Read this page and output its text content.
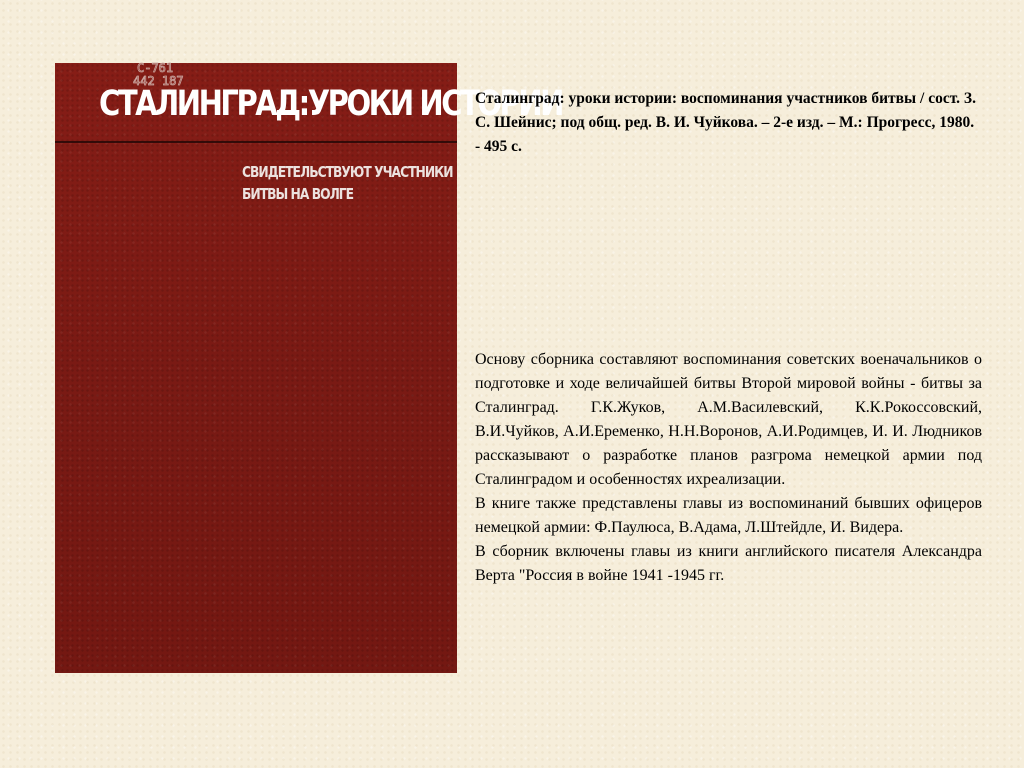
С-761
442 187
СТАЛИНГРАД:УРОКИ ИСТОРИИ
СВИДЕТЕЛЬСТВУЮТ УЧАСТНИКИ
БИТВЫ НА ВОЛГЕ

Сталинград: уроки истории: воспоминания участников битвы / сост. З. С. Шейнис; под общ. ред. В. И. Чуйкова. – 2-е изд. – М.: Прогресс, 1980. - 495 с.

Основу сборника составляют воспоминания советских военачальников о подготовке и ходе величайшей битвы Второй мировой войны - битвы за Сталинград. Г.К.Жуков, А.М.Василевский, К.К.Рокоссовский, В.И.Чуйков, А.И.Еременко, Н.Н.Воронов, А.И.Родимцев, И. И. Людников рассказывают о разработке планов разгрома немецкой армии под Сталинградом и особенностях ихреализации.

В книге также представлены главы из воспоминаний бывших офицеров немецкой армии: Ф.Паулюса, В.Адама, Л.Штейдле, И. Видера.

В сборник включены главы из книги английского писателя Александра Верта "Россия в войне 1941 -1945 гг.
